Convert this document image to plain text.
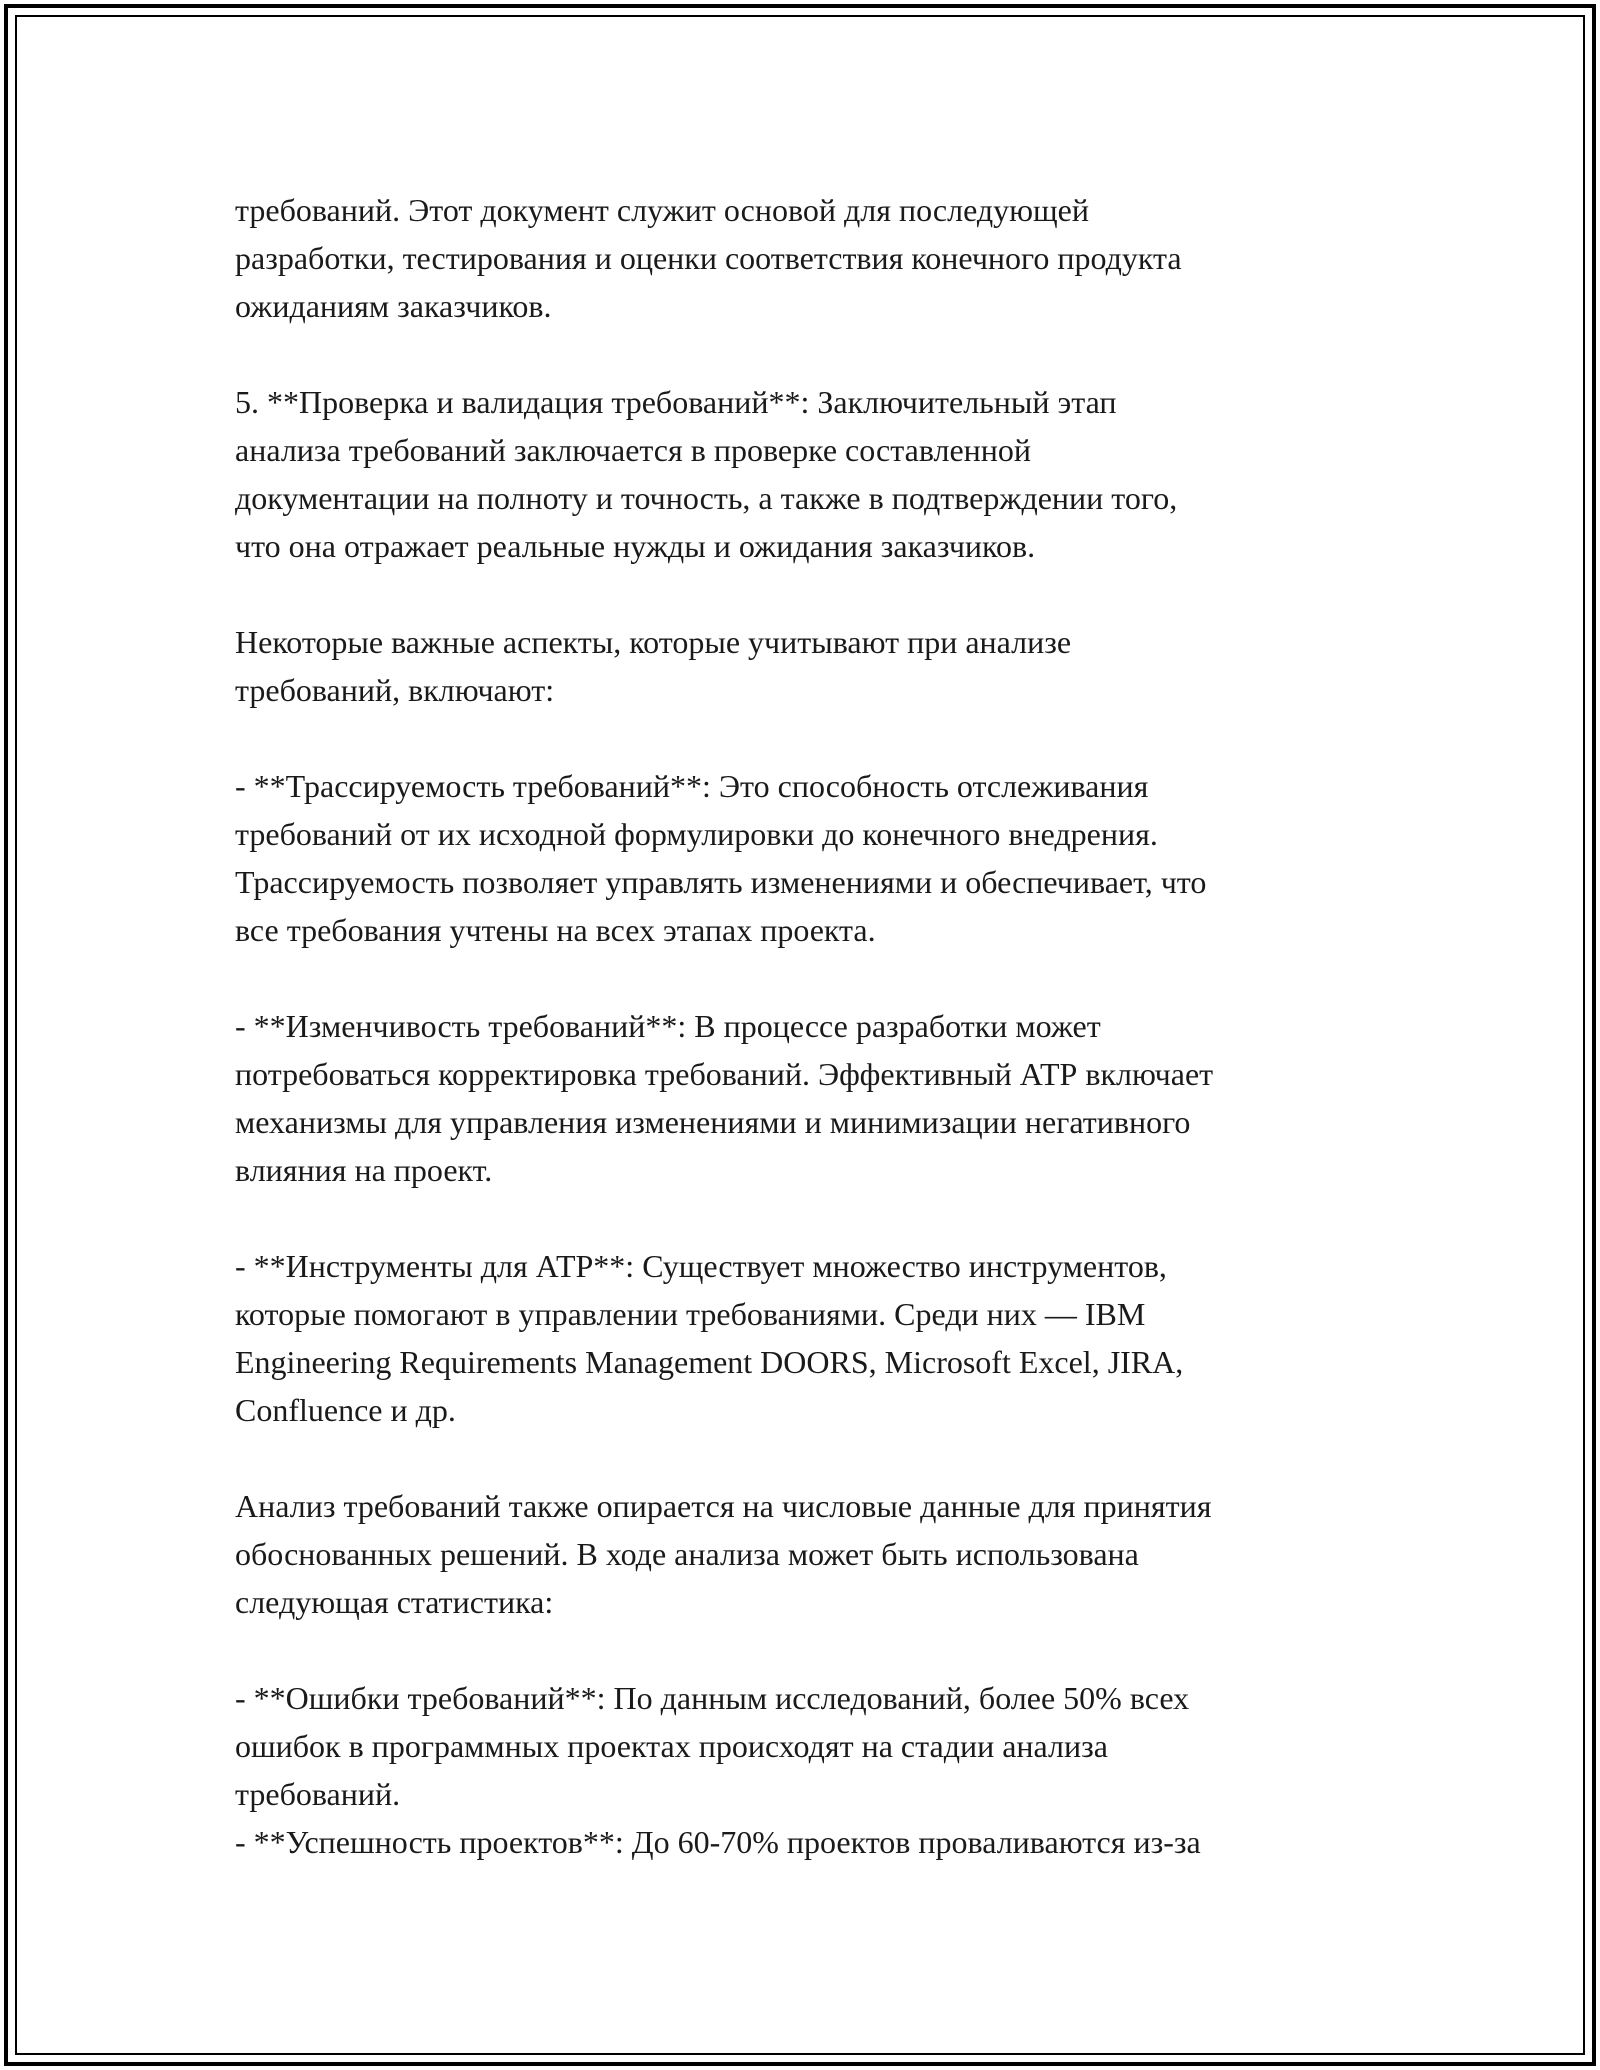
требований. Этот документ служит основой для последующей
разработки, тестирования и оценки соответствия конечного продукта
ожиданиям заказчиков.

5. **Проверка и валидация требований**: Заключительный этап
анализа требований заключается в проверке составленной
документации на полноту и точность, а также в подтверждении того,
что она отражает реальные нужды и ожидания заказчиков.

Некоторые важные аспекты, которые учитывают при анализе
требований, включают:

- **Трассируемость требований**: Это способность отслеживания
требований от их исходной формулировки до конечного внедрения.
Трассируемость позволяет управлять изменениями и обеспечивает, что
все требования учтены на всех этапах проекта.

- **Изменчивость требований**: В процессе разработки может
потребоваться корректировка требований. Эффективный АТР включает
механизмы для управления изменениями и минимизации негативного
влияния на проект.

- **Инструменты для АТР**: Существует множество инструментов,
которые помогают в управлении требованиями. Среди них — IBM
Engineering Requirements Management DOORS, Microsoft Excel, JIRA,
Confluence и др.

Анализ требований также опирается на числовые данные для принятия
обоснованных решений. В ходе анализа может быть использована
следующая статистика:

- **Ошибки требований**: По данным исследований, более 50% всех
ошибок в программных проектах происходят на стадии анализа
требований.
- **Успешность проектов**: До 60-70% проектов проваливаются из-за
